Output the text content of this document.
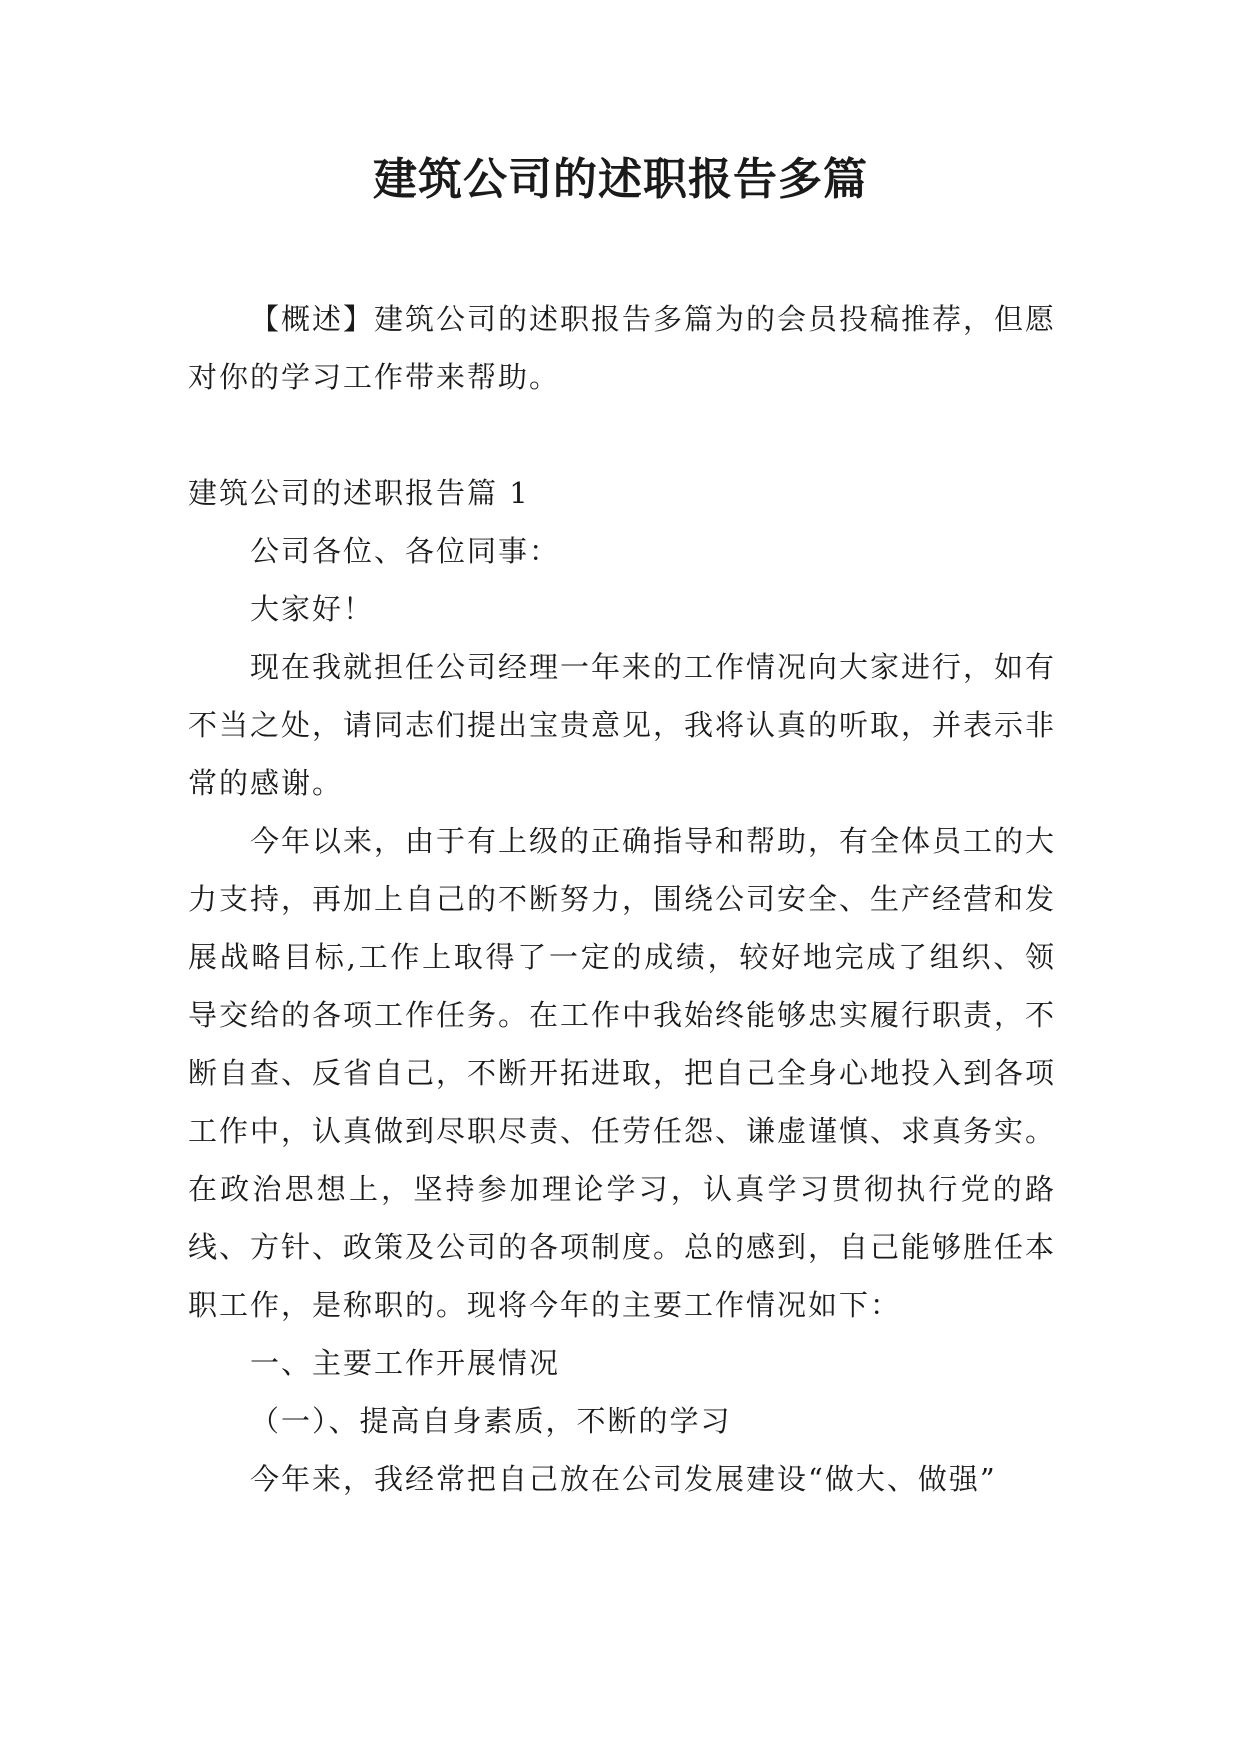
建筑公司的述职报告多篇

【概述】建筑公司的述职报告多篇为的会员投稿推荐，但愿对你的学习工作带来帮助。

建筑公司的述职报告篇 1

公司各位、各位同事：

大家好！

现在我就担任公司经理一年来的工作情况向大家进行，如有不当之处，请同志们提出宝贵意见，我将认真的听取，并表示非常的感谢。

今年以来，由于有上级的正确指导和帮助，有全体员工的大力支持，再加上自己的不断努力，围绕公司安全、生产经营和发展战略目标,工作上取得了一定的成绩，较好地完成了组织、领导交给的各项工作任务。在工作中我始终能够忠实履行职责，不断自查、反省自己，不断开拓进取，把自己全身心地投入到各项工作中，认真做到尽职尽责、任劳任怨、谦虚谨慎、求真务实。在政治思想上，坚持参加理论学习，认真学习贯彻执行党的路线、方针、政策及公司的各项制度。总的感到，自己能够胜任本职工作，是称职的。现将今年的主要工作情况如下：

一、主要工作开展情况

（一）、提高自身素质，不断的学习

今年来，我经常把自己放在公司发展建设“做大、做强”
